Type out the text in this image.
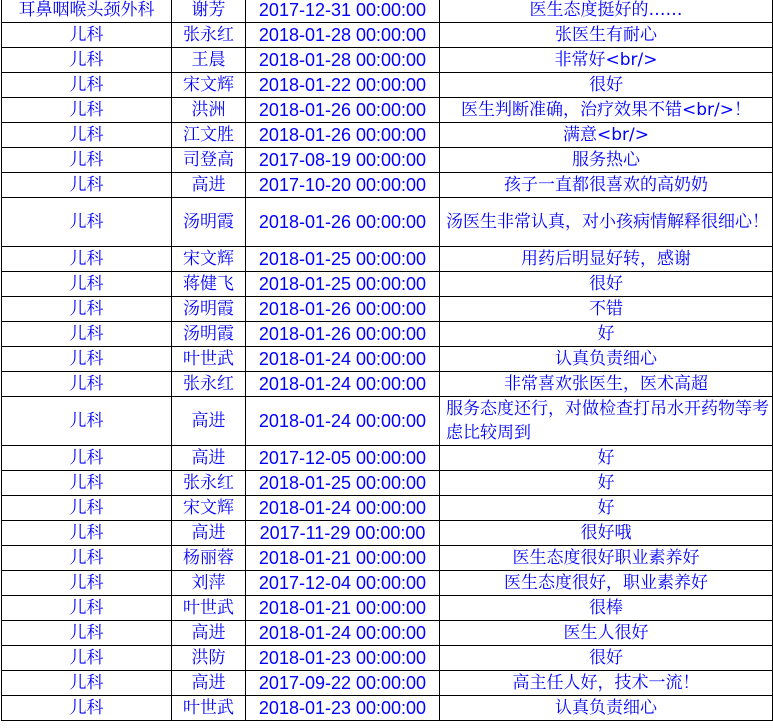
耳鼻咽喉头颈外科	谢芳	2017-12-31 00:00:00	医生态度挺好的……
儿科	张永红	2018-01-28 00:00:00	张医生有耐心
儿科	王晨	2018-01-28 00:00:00	非常好<br/>
儿科	宋文辉	2018-01-22 00:00:00	很好
儿科	洪洲	2018-01-26 00:00:00	医生判断准确，治疗效果不错<br/>！
儿科	江文胜	2018-01-26 00:00:00	满意<br/>
儿科	司登高	2017-08-19 00:00:00	服务热心
儿科	高进	2017-10-20 00:00:00	孩子一直都很喜欢的高奶奶
儿科	汤明霞	2018-01-26 00:00:00	汤医生非常认真，对小孩病情解释很细心！
儿科	宋文辉	2018-01-25 00:00:00	用药后明显好转，感谢
儿科	蒋健飞	2018-01-25 00:00:00	很好
儿科	汤明霞	2018-01-26 00:00:00	不错
儿科	汤明霞	2018-01-26 00:00:00	好
儿科	叶世武	2018-01-24 00:00:00	认真负责细心
儿科	张永红	2018-01-24 00:00:00	非常喜欢张医生，医术高超
儿科	高进	2018-01-24 00:00:00	服务态度还行，对做检查打吊水开药物等考虑比较周到
儿科	高进	2017-12-05 00:00:00	好
儿科	张永红	2018-01-25 00:00:00	好
儿科	宋文辉	2018-01-24 00:00:00	好
儿科	高进	2017-11-29 00:00:00	很好哦
儿科	杨丽蓉	2018-01-21 00:00:00	医生态度很好职业素养好
儿科	刘萍	2017-12-04 00:00:00	医生态度很好，职业素养好
儿科	叶世武	2018-01-21 00:00:00	很棒
儿科	高进	2018-01-24 00:00:00	医生人很好
儿科	洪防	2018-01-23 00:00:00	很好
儿科	高进	2017-09-22 00:00:00	高主任人好，技术一流！
儿科	叶世武	2018-01-23 00:00:00	认真负责细心
